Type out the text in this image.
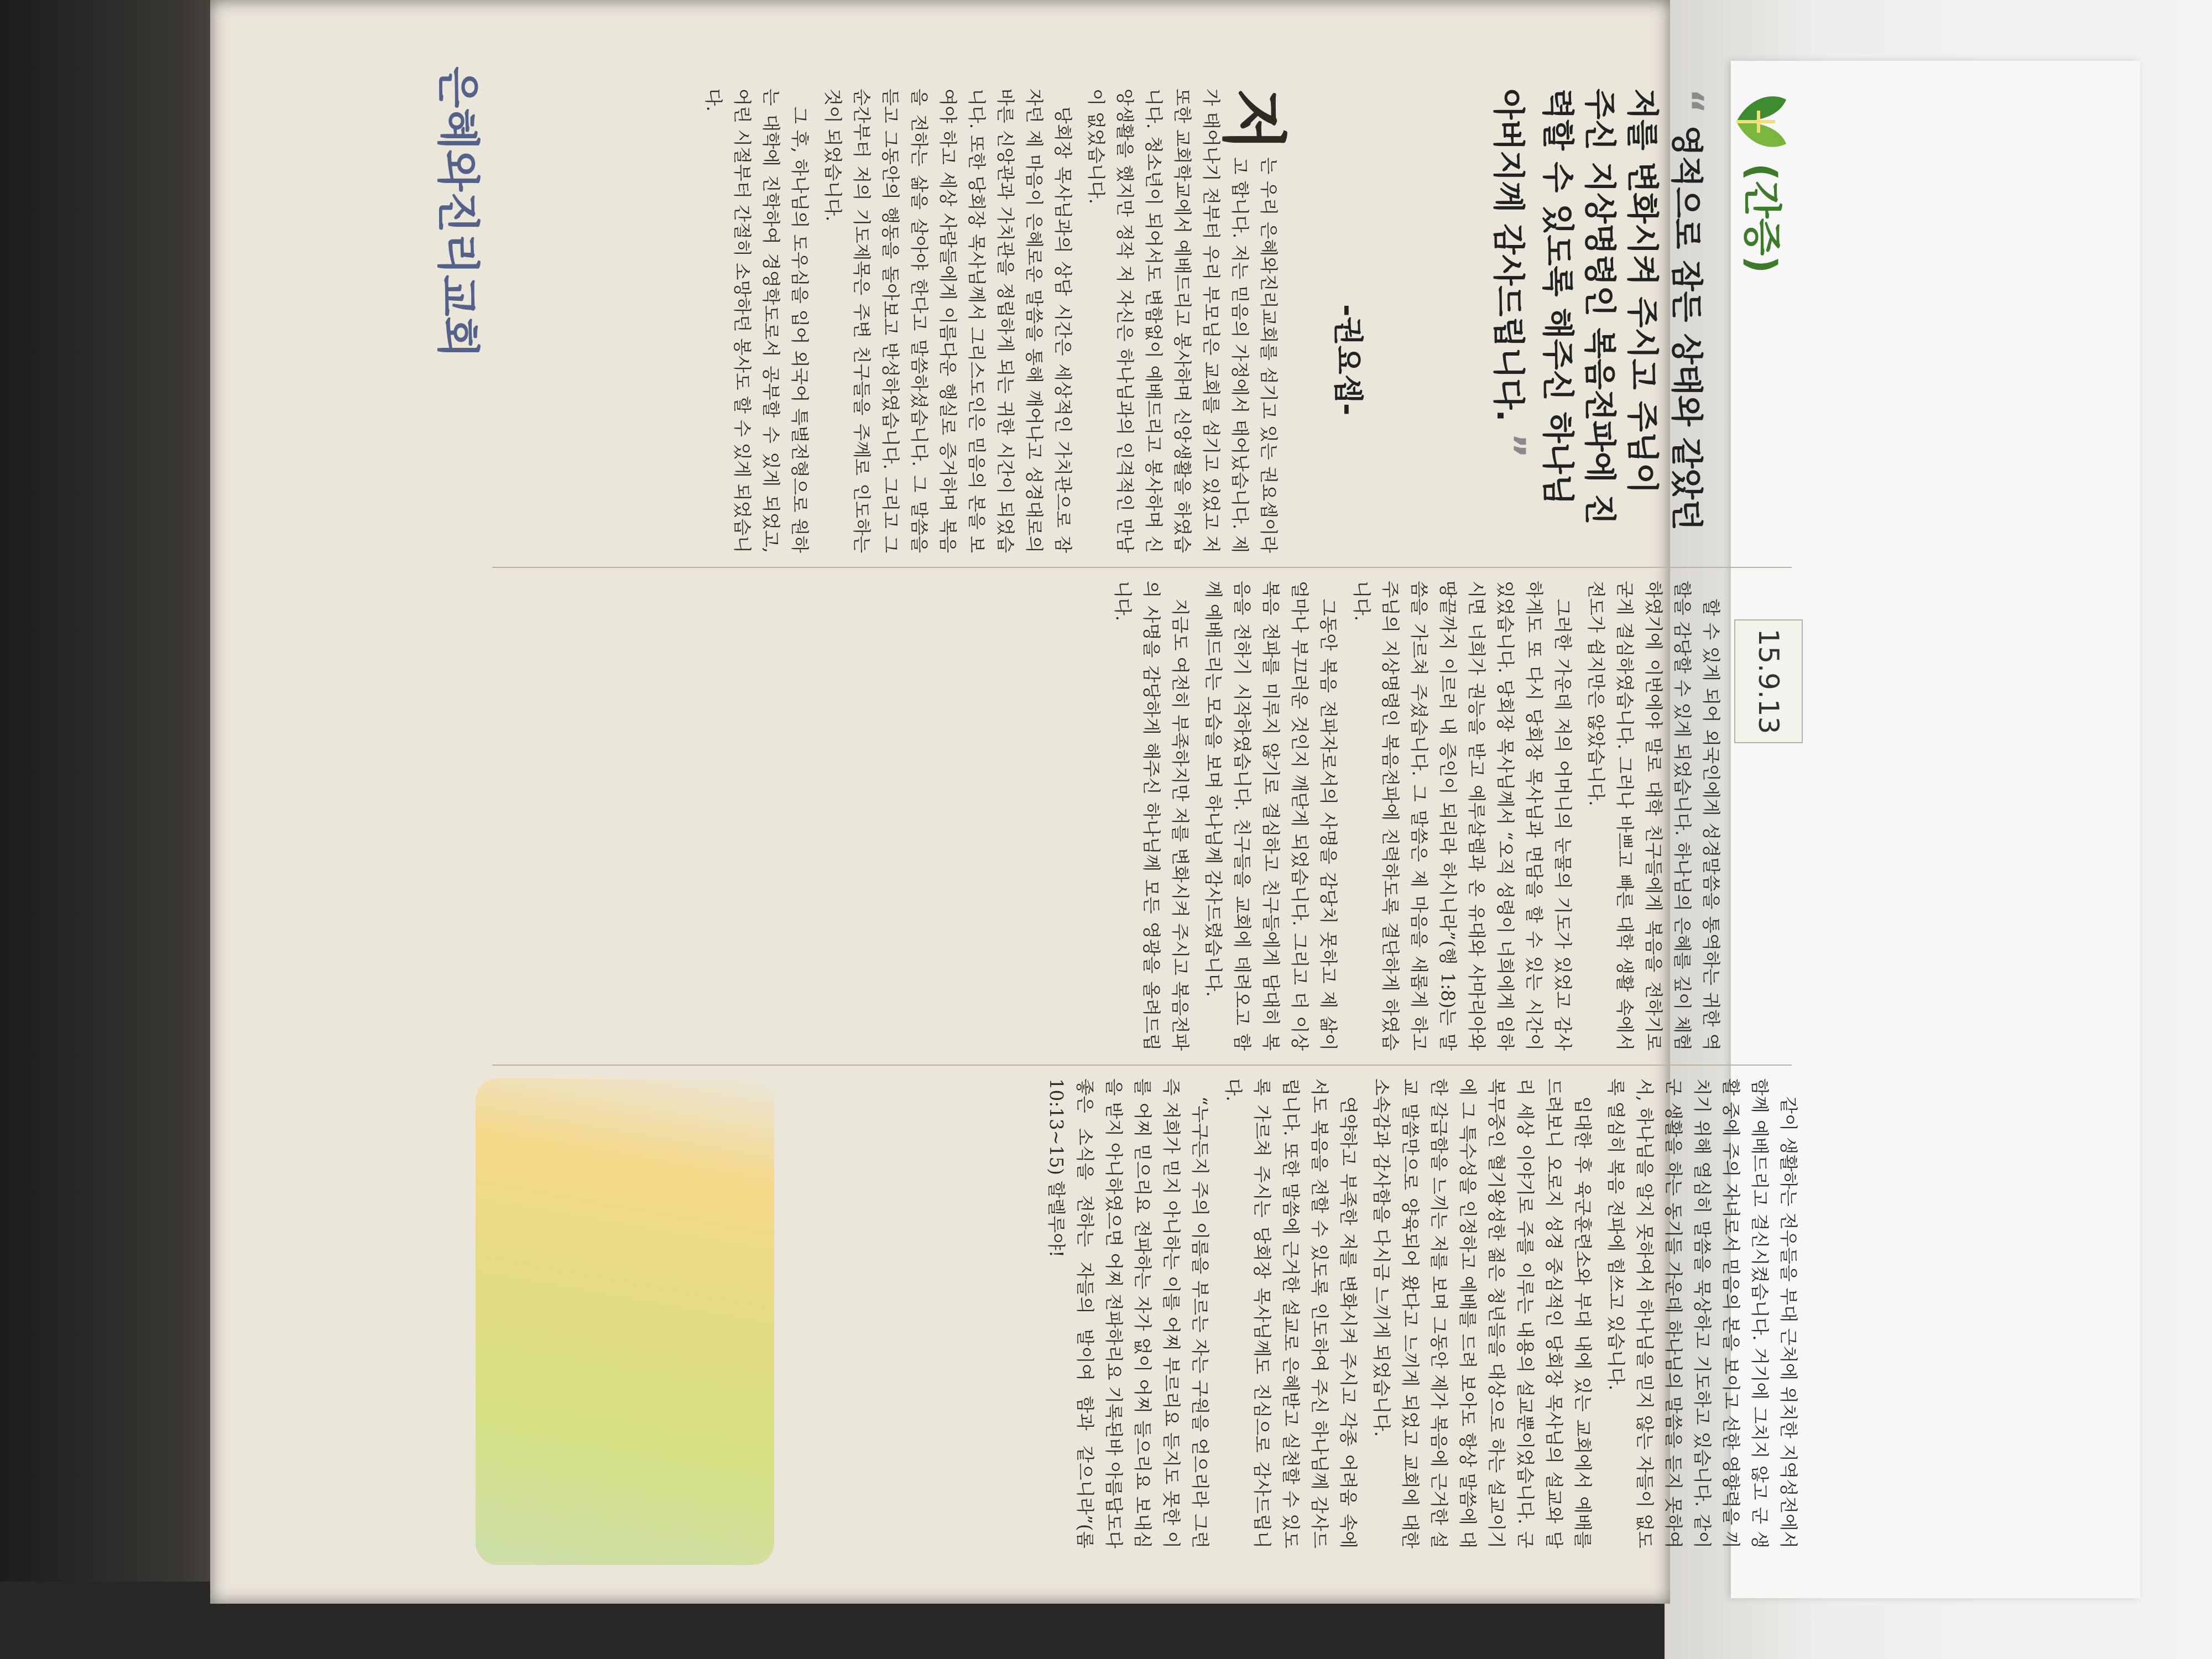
(간증)
15.9.13
“ 영적으로 잠든 상태와 같았던 저를 변화시켜 주시고 주님이 주신 지상명령인 복음전파에 진력할 수 있도록 해주신 하나님 아버지께 감사드립니다. ”
-권요셉-

저
는 우리 은혜와진리교회를 섬기고 있는 권요셉이라고 합니다. 저는 믿음의 가정에서 태어났습니다. 제가 태어나기 전부터 우리 부모님은 교회를 섬기고 있었고 저 또한 교회학교에서 예배드리고 봉사하며 신앙생활을 하였습니다. 청소년이 되어서도 변함없이 예배드리고 봉사하며 신앙생활을 했지만 정작 저 자신은 하나님과의 인격적인 만남이 없었습니다.

당회장 목사님과의 상담 시간은 세상적인 가치관으로 잠자던 제 마음이 은혜로운 말씀을 통해 깨어나고 성경대로의 바른 신앙관과 가치관을 정립하게 되는 귀한 시간이 되었습니다. 또한 당회장 목사님께서 그리스도인은 믿음의 본을 보여야 하고 세상 사람들에게 이름다운 행실로 증거하며 복음을 전하는 삶을 살아야 한다고 말씀하셨습니다. 그 말씀을 듣고 그동안의 행동을 돌아보고 반성하였습니다. 그리고 그 순간부터 저의 기도제목은 주변 친구들을 주께로 인도하는 것이 되었습니다.

그 후, 하나님의 도우심을 입어 외국어 특별전형으로 원하는 대학에 진학하여 경영학도로서 공부할 수 있게 되었고, 어린 시절부터 간절히 소망하던 봉사도 할 수 있게 되었습니다.

할 수 있게 되어 외국인에게 성경말씀을 통역하는 귀한 역할을 감당할 수 있게 되었습니다. 하나님의 은혜를 깊이 체험하였기에 이번에야 말로 대학 친구들에게 복음을 전하기로 굳게 결심하였습니다. 그러나 바쁘고 빠른 대학 생활 속에서 전도가 쉽지만은 않았습니다.

그러한 가운데 저의 어머니의 눈물의 기도가 있었고 감사하게도 또 다시 당회장 목사님과 면담을 할 수 있는 시간이 있었습니다. 당회장 목사님께서 “오직 성령이 너희에게 임하시면 너희가 권능을 받고 예루살렘과 온 유대와 사마리아와 땅끝까지 이르러 내 증인이 되리라 하시니라”(행 1:8)는 말씀을 가르쳐 주셨습니다. 그 말씀은 제 마음을 새롭게 하고 주님의 지상명령인 복음전파에 진력하도록 결단하게 하였습니다.

그동안 복음 전파자로서의 사명을 감당치 못하고 제 삶이 얼마나 부끄러운 것인지 깨닫게 되었습니다. 그리고 더 이상 복음 전파를 미루지 않기로 결심하고 친구들에게 담대히 복음을 전하기 시작하였습니다. 친구들을 교회에 데려오고 함께 예배드리는 모습을 보며 하나님께 감사드렸습니다.

지금도 여전히 부족하지만 저를 변화시켜 주시고 복음전파의 사명을 감당하게 해주신 하나님께 모든 영광을 올려드립니다.

같이 생활하는 전우들을 부대 근처에 위치한 지역성전에서 함께 예배드리고 결신시켰습니다. 거기에 그치지 않고 군 생활 중에 주의 자녀로서 믿음의 본을 보이고 선한 영향력을 끼치기 위해 열심히 말씀을 묵상하고 기도하고 있습니다. 같이 군 생활을 하는 동기들 가운데 하나님의 말씀을 듣지 못하여서, 하나님을 알지 못하여서 하나님을 믿지 않는 자들이 없도록 열심히 복음 전파에 힘쓰고 있습니다.

입대한 후 육군훈련소와 부대 내에 있는 교회에서 예배를 드려보니 오로지 성경 중심적인 당회장 목사님의 설교와 달리 세상 이야기로 주를 이루는 내용의 설교뿐이었습니다. 군 복무중인 혈기왕성한 젊은 청년들을 대상으로 하는 설교이기에 그 특수성을 인정하고 예배를 드려 보아도 항상 말씀에 대한 갈급함을 느끼는 저를 보며 그동안 제가 복음에 근거한 설교 말씀만으로 양육되어 왔다고 느끼게 되었고 교회에 대한 소속감과 감사함을 다시금 느끼게 되었습니다.

연약하고 부족한 저를 변화시켜 주시고 각종 어려움 속에서도 복음을 전할 수 있도록 인도하여 주신 하나님께 감사드립니다. 또한 말씀에 근거한 설교로 은혜받고 실천할 수 있도록 가르쳐 주시는 당회장 목사님께도 진심으로 감사드립니다.

“누구든지 주의 이름을 부르는 자는 구원을 얻으리라 그런즉 저희가 믿지 아니하는 이를 어찌 부르리요 듣지도 못한 이를 어찌 믿으리요 전파하는 자가 없이 어찌 들으리요 보내심을 받지 아니하였으면 어찌 전파하리요 기록된바 아름답도다 좋은 소식을 전하는 자들의 발이여 함과 같으니라”(롬 10:13~15) 할렐루야!

은혜와진리교회
